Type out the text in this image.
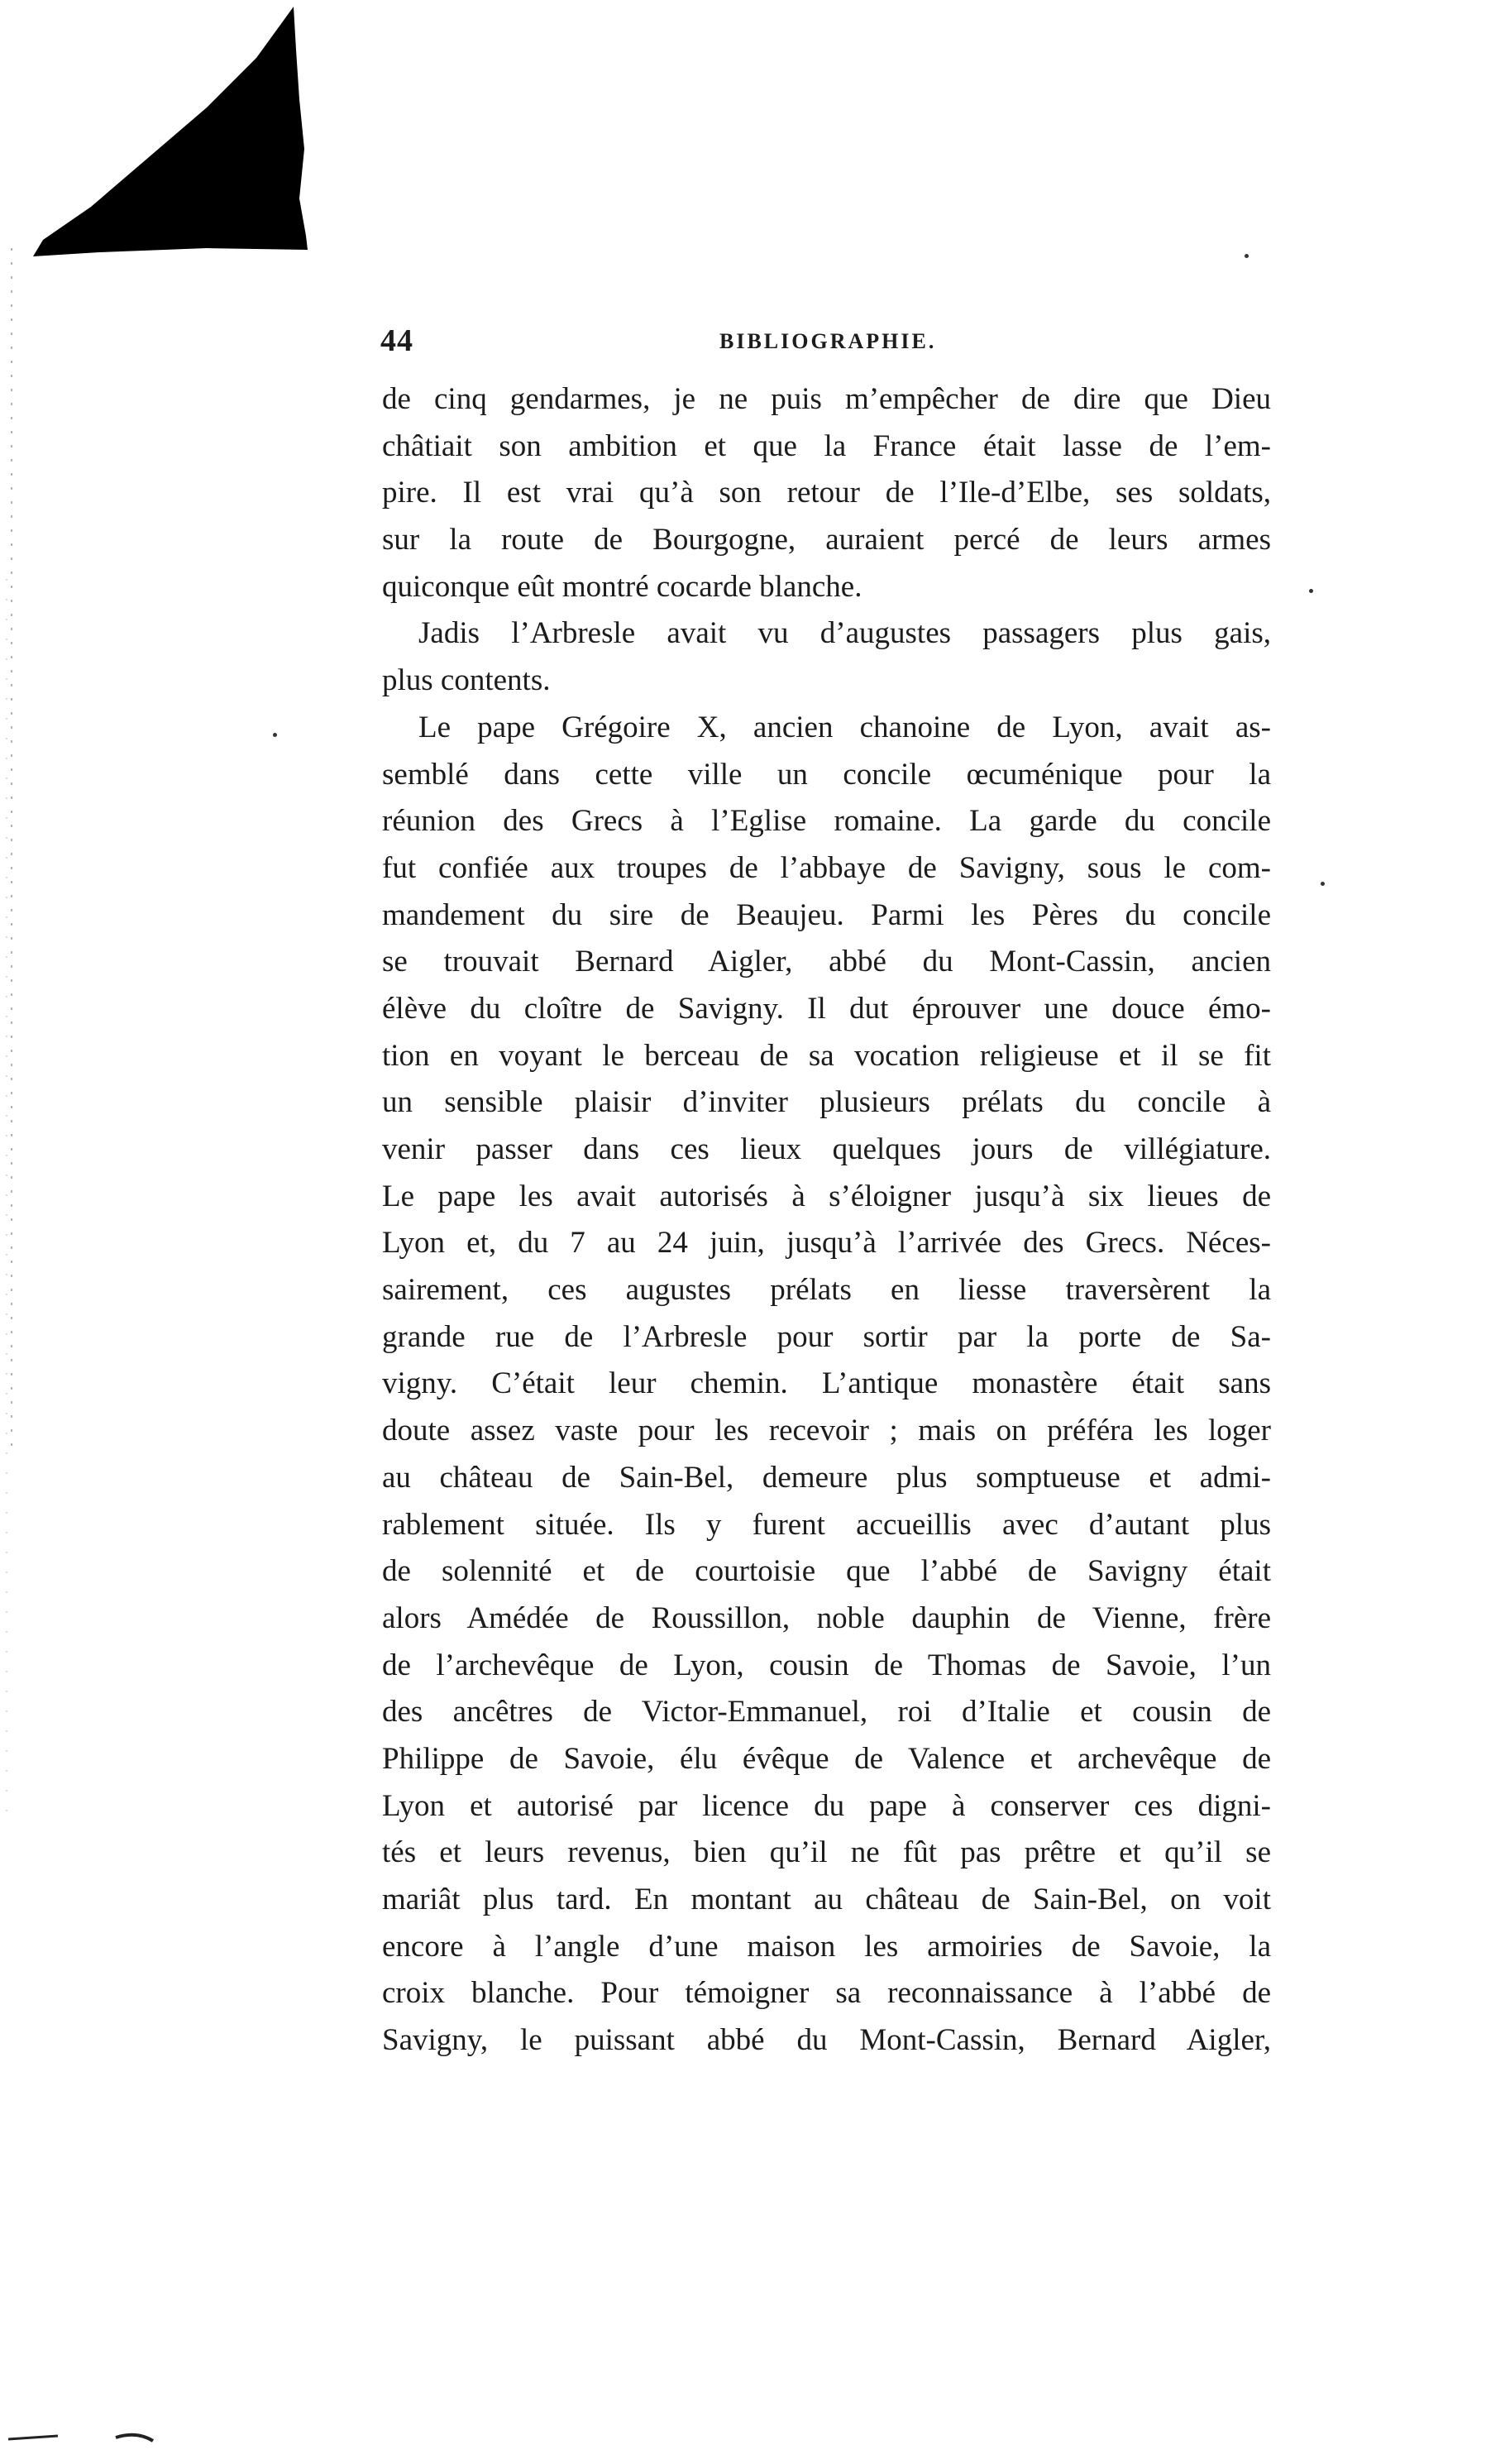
44	BIBLIOGRAPHIE.
de cinq gendarmes, je ne puis m’empêcher de dire que Dieu
châtiait son ambition et que la France était lasse de l’em-
pire. Il est vrai qu’à son retour de l’Ile-d’Elbe, ses soldats,
sur la route de Bourgogne, auraient percé de leurs armes
quiconque eût montré cocarde blanche.
Jadis l’Arbresle avait vu d’augustes passagers plus gais,
plus contents.
Le pape Grégoire X, ancien chanoine de Lyon, avait as-
semblé dans cette ville un concile œcuménique pour la
réunion des Grecs à l’Eglise romaine. La garde du concile
fut confiée aux troupes de l’abbaye de Savigny, sous le com-
mandement du sire de Beaujeu. Parmi les Pères du concile
se trouvait Bernard Aigler, abbé du Mont-Cassin, ancien
élève du cloître de Savigny. Il dut éprouver une douce émo-
tion en voyant le berceau de sa vocation religieuse et il se fit
un sensible plaisir d’inviter plusieurs prélats du concile à
venir passer dans ces lieux quelques jours de villégiature.
Le pape les avait autorisés à s’éloigner jusqu’à six lieues de
Lyon et, du 7 au 24 juin, jusqu’à l’arrivée des Grecs. Néces-
sairement, ces augustes prélats en liesse traversèrent la
grande rue de l’Arbresle pour sortir par la porte de Sa-
vigny. C’était leur chemin. L’antique monastère était sans
doute assez vaste pour les recevoir ; mais on préféra les loger
au château de Sain-Bel, demeure plus somptueuse et admi-
rablement située. Ils y furent accueillis avec d’autant plus
de solennité et de courtoisie que l’abbé de Savigny était
alors Amédée de Roussillon, noble dauphin de Vienne, frère
de l’archevêque de Lyon, cousin de Thomas de Savoie, l’un
des ancêtres de Victor-Emmanuel, roi d’Italie et cousin de
Philippe de Savoie, élu évêque de Valence et archevêque de
Lyon et autorisé par licence du pape à conserver ces digni-
tés et leurs revenus, bien qu’il ne fût pas prêtre et qu’il se
mariât plus tard. En montant au château de Sain-Bel, on voit
encore à l’angle d’une maison les armoiries de Savoie, la
croix blanche. Pour témoigner sa reconnaissance à l’abbé de
Savigny, le puissant abbé du Mont-Cassin, Bernard Aigler,
